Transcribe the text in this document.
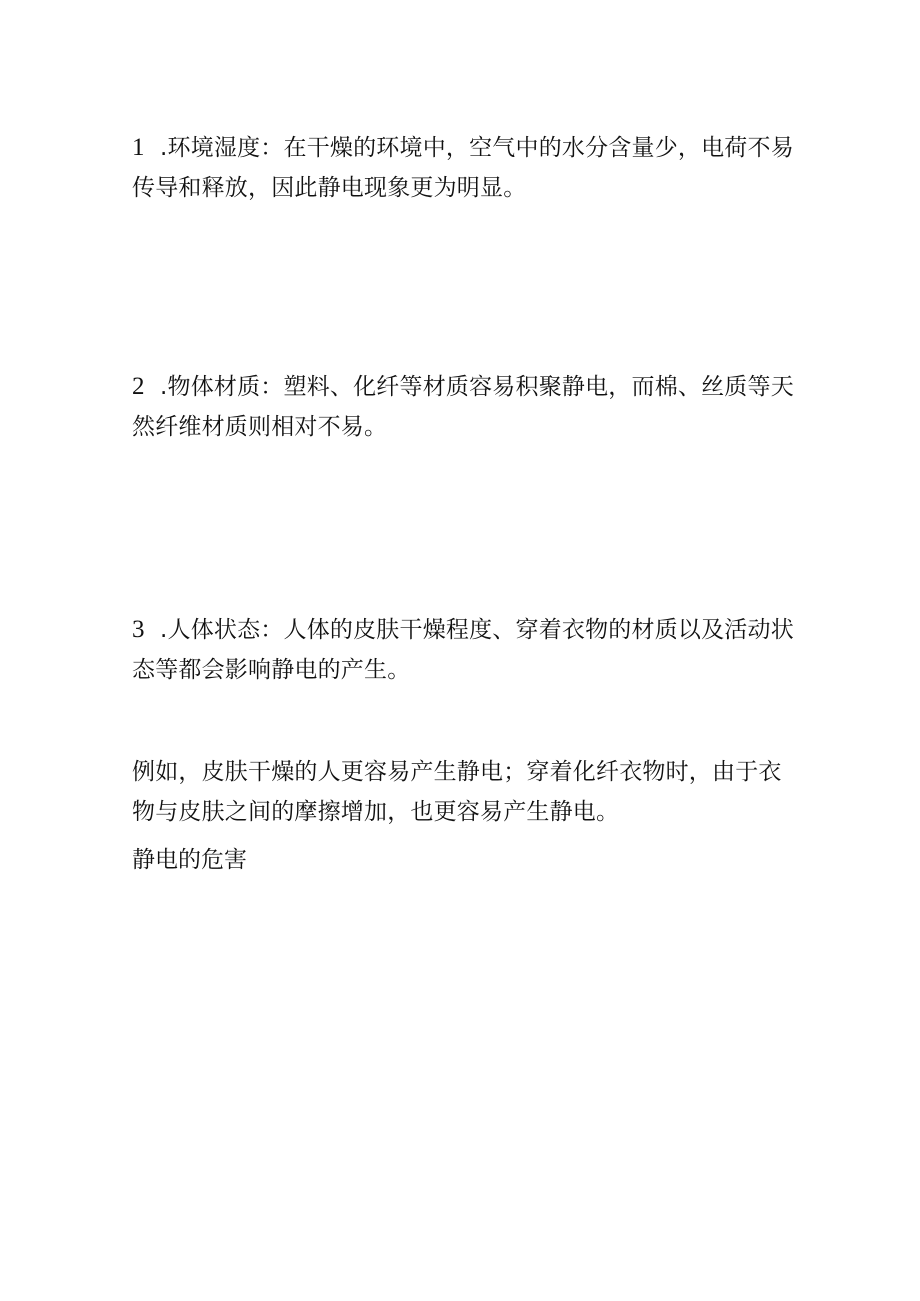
1 .环境湿度：在干燥的环境中，空气中的水分含量少，电荷不易传导和释放，因此静电现象更为明显。

2 .物体材质：塑料、化纤等材质容易积聚静电，而棉、丝质等天然纤维材质则相对不易。

3 .人体状态：人体的皮肤干燥程度、穿着衣物的材质以及活动状态等都会影响静电的产生。

例如，皮肤干燥的人更容易产生静电；穿着化纤衣物时，由于衣物与皮肤之间的摩擦增加，也更容易产生静电。

静电的危害
